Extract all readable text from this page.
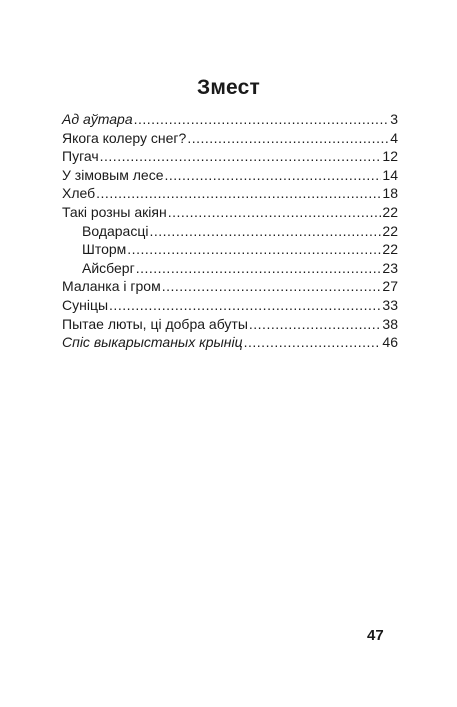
Змест
Ад аўтара .....	3
Якога колеру снег? .....	4
Пугач .....	12
У зімовым лесе .....	14
Хлеб .....	18
Такі розны акіян .....	22
Водарасці .....	22
Шторм .....	22
Айсберг .....	23
Маланка і гром .....	27
Суніцы .....	33
Пытае люты, ці добра абуты .....	38
Спіс выкарыстаных крыніц .....	46
47
